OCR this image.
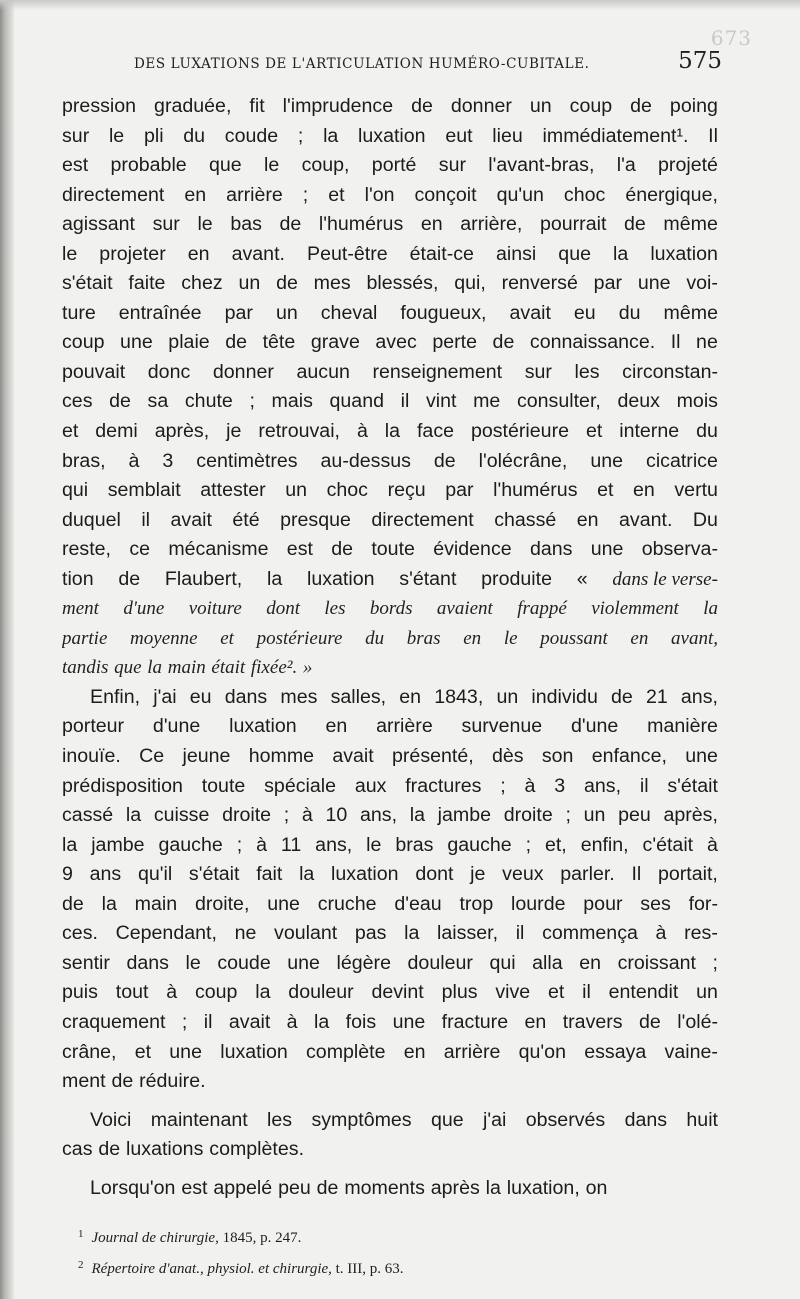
673
DES LUXATIONS DE L'ARTICULATION HUMÉRO-CUBITALE.	575
pression graduée, fit l'imprudence de donner un coup de poing
sur le pli du coude ; la luxation eut lieu immédiatement¹. Il
est probable que le coup, porté sur l'avant-bras, l'a projeté
directement en arrière ; et l'on conçoit qu'un choc énergique,
agissant sur le bas de l'humérus en arrière, pourrait de même
le projeter en avant. Peut-être était-ce ainsi que la luxation
s'était faite chez un de mes blessés, qui, renversé par une voi-
ture entraînée par un cheval fougueux, avait eu du même
coup une plaie de tête grave avec perte de connaissance. Il ne
pouvait donc donner aucun renseignement sur les circonstan-
ces de sa chute ; mais quand il vint me consulter, deux mois
et demi après, je retrouvai, à la face postérieure et interne du
bras, à 3 centimètres au-dessus de l'olécrâne, une cicatrice
qui semblait attester un choc reçu par l'humérus et en vertu
duquel il avait été presque directement chassé en avant. Du
reste, ce mécanisme est de toute évidence dans une observa-
tion de Flaubert, la luxation s'étant produite « dans le verse-
ment d'une voiture dont les bords avaient frappé violemment la
partie moyenne et postérieure du bras en le poussant en avant,
tandis que la main était fixée². »
Enfin, j'ai eu dans mes salles, en 1843, un individu de 21 ans,
porteur d'une luxation en arrière survenue d'une manière
inouïe. Ce jeune homme avait présenté, dès son enfance, une
prédisposition toute spéciale aux fractures ; à 3 ans, il s'était
cassé la cuisse droite ; à 10 ans, la jambe droite ; un peu après,
la jambe gauche ; à 11 ans, le bras gauche ; et, enfin, c'était à
9 ans qu'il s'était fait la luxation dont je veux parler. Il portait,
de la main droite, une cruche d'eau trop lourde pour ses for-
ces. Cependant, ne voulant pas la laisser, il commença à res-
sentir dans le coude une légère douleur qui alla en croissant ;
puis tout à coup la douleur devint plus vive et il entendit un
craquement ; il avait à la fois une fracture en travers de l'olé-
crâne, et une luxation complète en arrière qu'on essaya vaine-
ment de réduire.
Voici maintenant les symptômes que j'ai observés dans huit
cas de luxations complètes.
Lorsqu'on est appelé peu de moments après la luxation, on
$^1$ Journal de chirurgie, 1845, p. 247.
$^2$ Répertoire d'anat., physiol. et chirurgie, t. III, p. 63.
